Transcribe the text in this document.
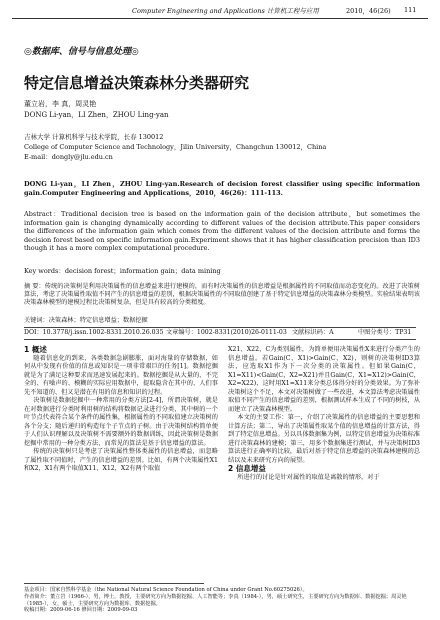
Computer Engineering and Applications 计算机工程与应用	2010，46(26) 111
◎数据库、信号与信息处理◎
特定信息增益决策森林分类器研究
董立岩，李 真，周灵艳
DONG Li-yan，LI Zhen，ZHOU Ling-yan
吉林大学 计算机科学与技术学院，长春 130012
College of Computer Science and Technology，Jilin University，Changchun 130012，China
E-mail：dongly@jlu.edu.cn
DONG Li-yan，LI Zhen，ZHOU Ling-yan.Research of decision forest classifier using specific information gain.Computer Engineering and Applications，2010，46(26)：111-113.
Abstract：Traditional decision tree is based on the information gain of the decision attribute，but sometimes the information gain is changing dynamically according to different values of the decision attribute.This paper considers the differences of the information gain which comes from the different values of the decision attribute and forms the decision forest based on specific information gain.Experiment shows that it has higher classification precision than ID3 though it has a more complex computational procedure.
Key words：decision forest；information gain；data mining
摘 要：传统的决策树是利用决策属性的信息增益来进行建模的，而有时决策属性的信息增益是根据属性的不同取值而动态变化的。改进了决策树算法，考虑了决策属性取值不同产生的信息增益的差别，根据决策属性的不同取值创建了基于特定信息增益的决策森林分类模型。实验结果表明该决策森林模型的建模过程比决策树复杂，但是具有较高的分类精度。
关键词：决策森林；特定信息增益；数据挖掘
DOI：10.3778/j.issn.1002-8331.2010.26.035 文章编号：1002-8331(2010)26-0111-03 文献标识码：A	中图分类号：TP31
1 概述
随着信息化的到来，各类数据急剧膨胀，面对海量的存储数据，如何从中发现有价值的信息或知识是一项非常艰巨的任务[1]。数据挖掘就是为了满足这种要求而迅速发展起来的。数据挖掘是从大量的、不完全的、有噪声的、模糊的实际应用数据中，提取隐含在其中的、人们事先不知道的、但又是潜在有用的信息和知识的过程。
决策树是数据挖掘中一种常用的分类方法[2-4]，所谓决策树，就是在对数据进行分类时利用树的结构将数据记录进行分类，其中树的一个叶节点代表符合某个条件的属性集，根据属性的不同取值建立决策树的各个分支；随后递归的构造每个子节点的子树。由于决策树结构简单便于人们认识理解以及决策树不需要额外的数据训练，因此决策树是数据挖掘中常用的一种分类方法，而常见的算法是基于信息增益的算法。
传统的决策树只是考虑了决策属性整体类属性的信息增益，而忽略了属性取不同值时，产生的信息增益的差别。比如，有两个决策属性X1和X2，X1有两个取值X11、X12，X2有两个取值
X21、X22，C为类别属性，为简单便用决策属性X来进行分类产生的信息增益。若Gain(C，X1)>Gain(C，X2)，则树的决策树ID3算法，应选取X1作为下一次分类的决策属性。但如果Gain(C，X1=X11)<Gain(C，X2=X21)并且Gain(C，X1=X12)>Gain(C，X2=X22)，这时用X1=X11来分类总体得分好的分类效果。为了弥补决策树这个不足，本文对决策树做了一些改进，本文算法考虑决策属性取值不同产生的信息增益的差别，根据测试样本生成了不同的树枝，从而建立了决策森林模型。
本文的主要工作：第一，介绍了决策属性的信息增益的主要思想和计算方法；第二，导出了决策属性取某个值的信息增益的计算方法，得到了特定信息增益。另以具体数据集为例，以特定信息增益为决策标准进行决策森林的建模；第三，用多个数据集进行测试，并与决策树ID3算法进行正确率的比较，最后对基于特定信息增益的决策森林建模的总结以及未来研究方向的展望。
2 信息增益
所进行的讨论是针对属性的取值是离散的情形，对于
基金项目：国家自然科学基金（the National Natural Science Foundation of China under Grant No.60275026）。
作者简介：董立岩（1966-），男，博士，教授，主要研究方向为数据挖掘、人工智能等；李真（1984-），男，硕士研究生，主要研究方向为数据库、数据挖掘；周灵艳（1985-），女，硕士，主要研究方向为数据库、数据挖掘。
收稿日期：2009-06-16 修回日期：2009-09-03
